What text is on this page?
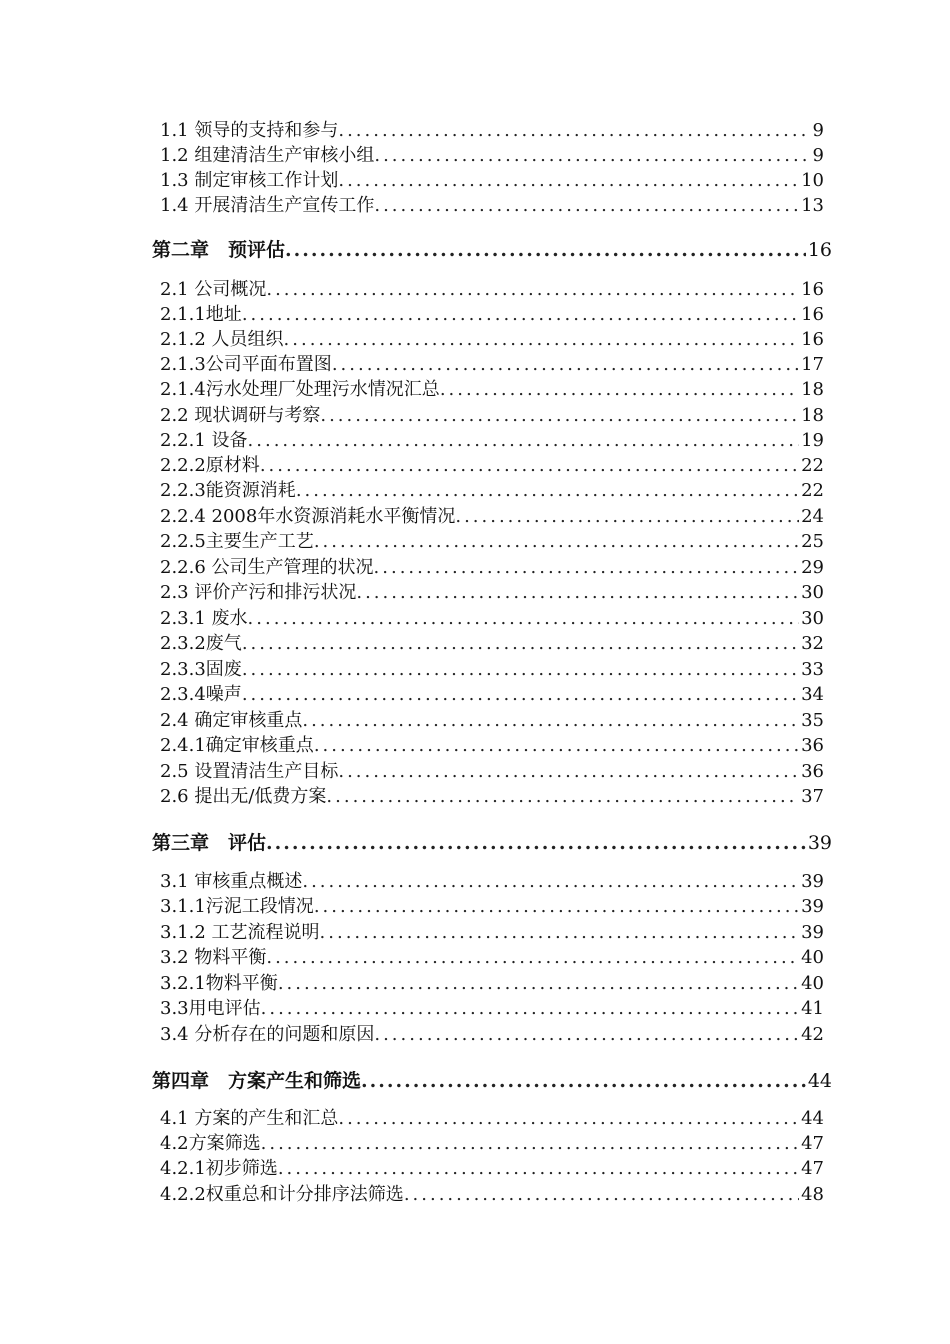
1.1 领导的支持和参与 .....	9
1.2 组建清洁生产审核小组 .....	9
1.3 制定审核工作计划 .....	10
1.4 开展清洁生产宣传工作 .....	13
第二章　预评估 .....	16
2.1 公司概况 .....	16
2.1.1地址 .....	16
2.1.2 人员组织 .....	16
2.1.3公司平面布置图 .....	17
2.1.4污水处理厂处理污水情况汇总 .....	18
2.2 现状调研与考察 .....	18
2.2.1 设备 .....	19
2.2.2原材料 .....	22
2.2.3能资源消耗 .....	22
2.2.4 2008年水资源消耗水平衡情况 .....	24
2.2.5主要生产工艺 .....	25
2.2.6 公司生产管理的状况 .....	29
2.3 评价产污和排污状况 .....	30
2.3.1 废水 .....	30
2.3.2废气 .....	32
2.3.3固废 .....	33
2.3.4噪声 .....	34
2.4 确定审核重点 .....	35
2.4.1确定审核重点 .....	36
2.5 设置清洁生产目标 .....	36
2.6 提出无/低费方案 .....	37
第三章　评估 .....	39
3.1 审核重点概述 .....	39
3.1.1污泥工段情况 .....	39
3.1.2 工艺流程说明 .....	39
3.2 物料平衡 .....	40
3.2.1物料平衡 .....	40
3.3用电评估 .....	41
3.4 分析存在的问题和原因 .....	42
第四章　方案产生和筛选 .....	44
4.1 方案的产生和汇总 .....	44
4.2方案筛选 .....	47
4.2.1初步筛选 .....	47
4.2.2权重总和计分排序法筛选 .....	48
